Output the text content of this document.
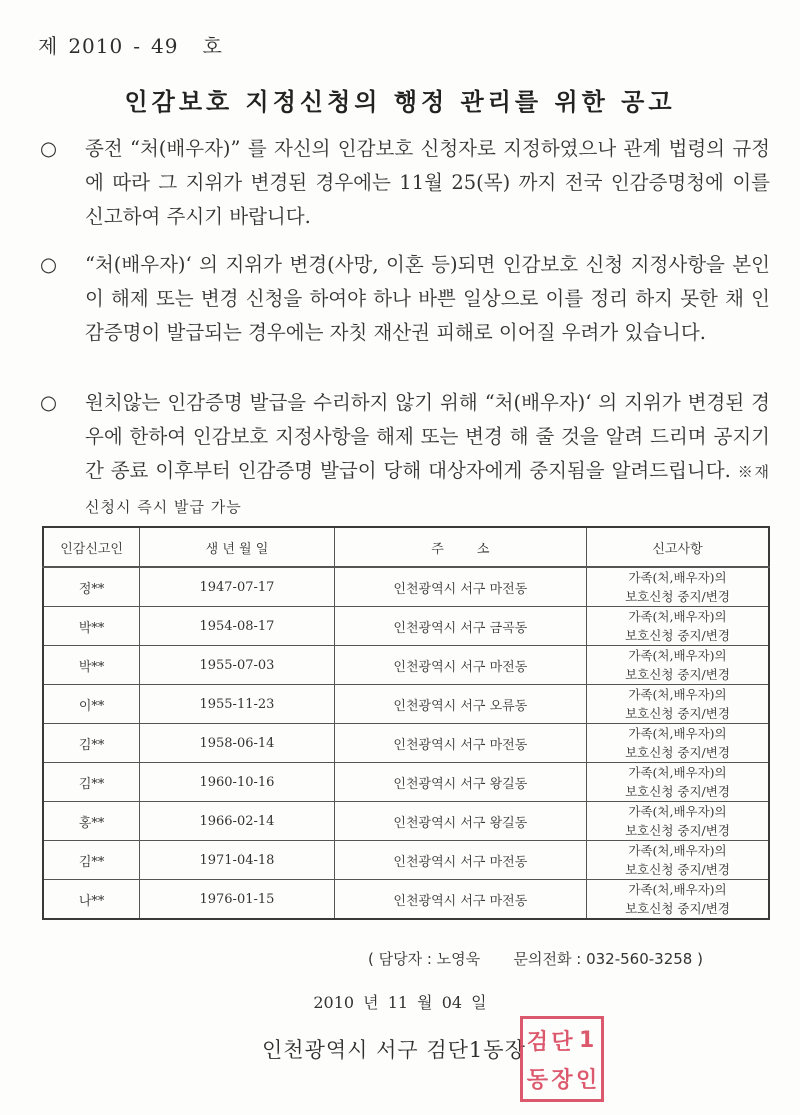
제 2010 - 49 호
인감보호 지정신청의 행정 관리를 위한 공고
○ 종전 “처(배우자)” 를 자신의 인감보호 신청자로 지정하였으나 관계 법령의 규정에 따라 그 지위가 변경된 경우에는 11월 25(목) 까지 전국 인감증명청에 이를 신고하여 주시기 바랍니다.

○ “처(배우자)‘ 의 지위가 변경(사망, 이혼 등)되면 인감보호 신청 지정사항을 본인이 해제 또는 변경 신청을 하여야 하나 바쁜 일상으로 이를 정리 하지 못한 채 인감증명이 발급되는 경우에는 자칫 재산권 피해로 이어질 우려가 있습니다.

○ 원치않는 인감증명 발급을 수리하지 않기 위해 “처(배우자)‘ 의 지위가 변경된 경우에 한하여 인감보호 지정사항을 해제 또는 변경 해 줄 것을 알려 드리며 공지기간 종료 이후부터 인감증명 발급이 당해 대상자에게 중지됨을 알려드립니다. ※재신청시 즉시 발급 가능

인감신고인	생 년 월 일	주        소	신고사항
정**	1947-07-17	인천광역시 서구 마전동	가족(처,배우자)의
보호신청 중지/변경

박**	1954-08-17	인천광역시 서구 금곡동	가족(처,배우자)의
보호신청 중지/변경

박**	1955-07-03	인천광역시 서구 마전동	가족(처,배우자)의
보호신청 중지/변경

이**	1955-11-23	인천광역시 서구 오류동	가족(처,배우자)의
보호신청 중지/변경

김**	1958-06-14	인천광역시 서구 마전동	가족(처,배우자)의
보호신청 중지/변경

김**	1960-10-16	인천광역시 서구 왕길동	가족(처,배우자)의
보호신청 중지/변경

홍**	1966-02-14	인천광역시 서구 왕길동	가족(처,배우자)의
보호신청 중지/변경

김**	1971-04-18	인천광역시 서구 마전동	가족(처,배우자)의
보호신청 중지/변경

나**	1976-01-15	인천광역시 서구 마전동	가족(처,배우자)의
보호신청 중지/변경
( 담당자 : 노영욱       문의전화 : 032-560-3258 )
2010 년 11 월 04 일
인천광역시 서구 검단1동장 검 단 1
동 장 인
